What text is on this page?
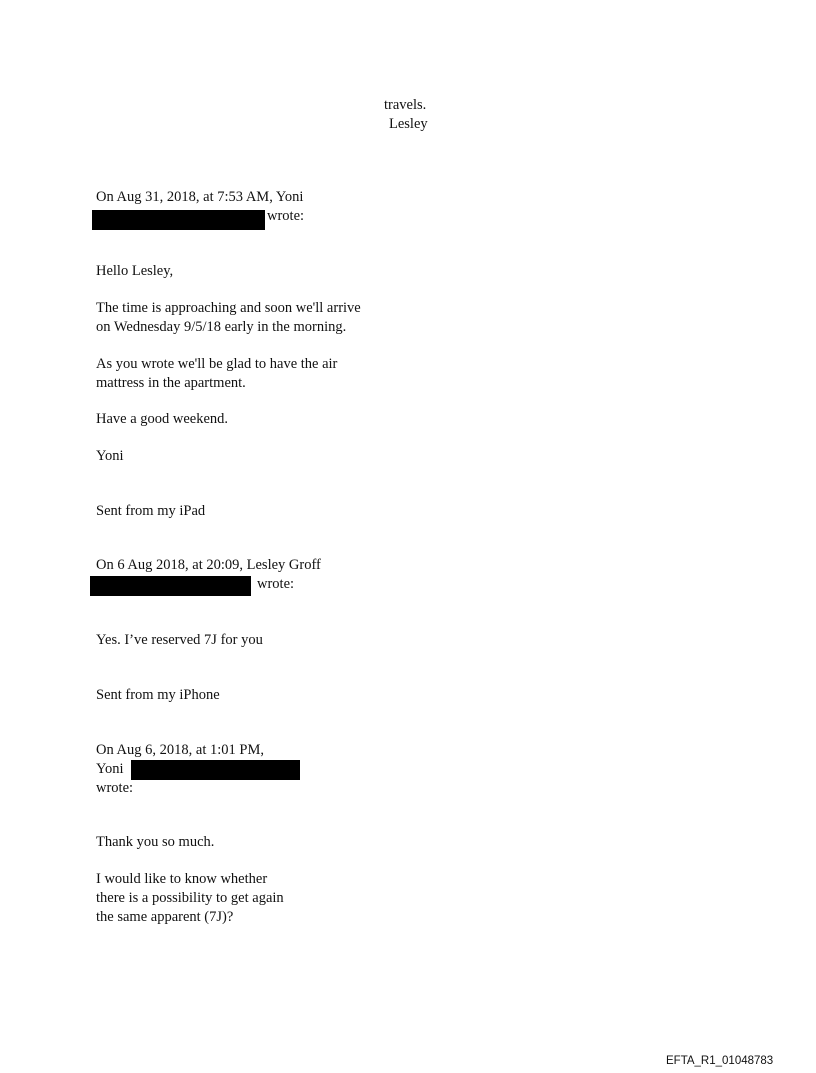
travels.
Lesley
On Aug 31, 2018, at 7:53 AM, Yoni
wrote:
Hello Lesley,
The time is approaching and soon we'll arrive
on Wednesday 9/5/18 early in the morning.
As you wrote we'll be glad to have the air
mattress in the apartment.
Have a good weekend.
Yoni
Sent from my iPad
On 6 Aug 2018, at 20:09, Lesley Groff
wrote:
Yes. I’ve reserved 7J for you
Sent from my iPhone
On Aug 6, 2018, at 1:01 PM,
Yoni
wrote:
Thank you so much.
I would like to know whether
there is a possibility to get again
the same apparent (7J)?
EFTA_R1_01048783
